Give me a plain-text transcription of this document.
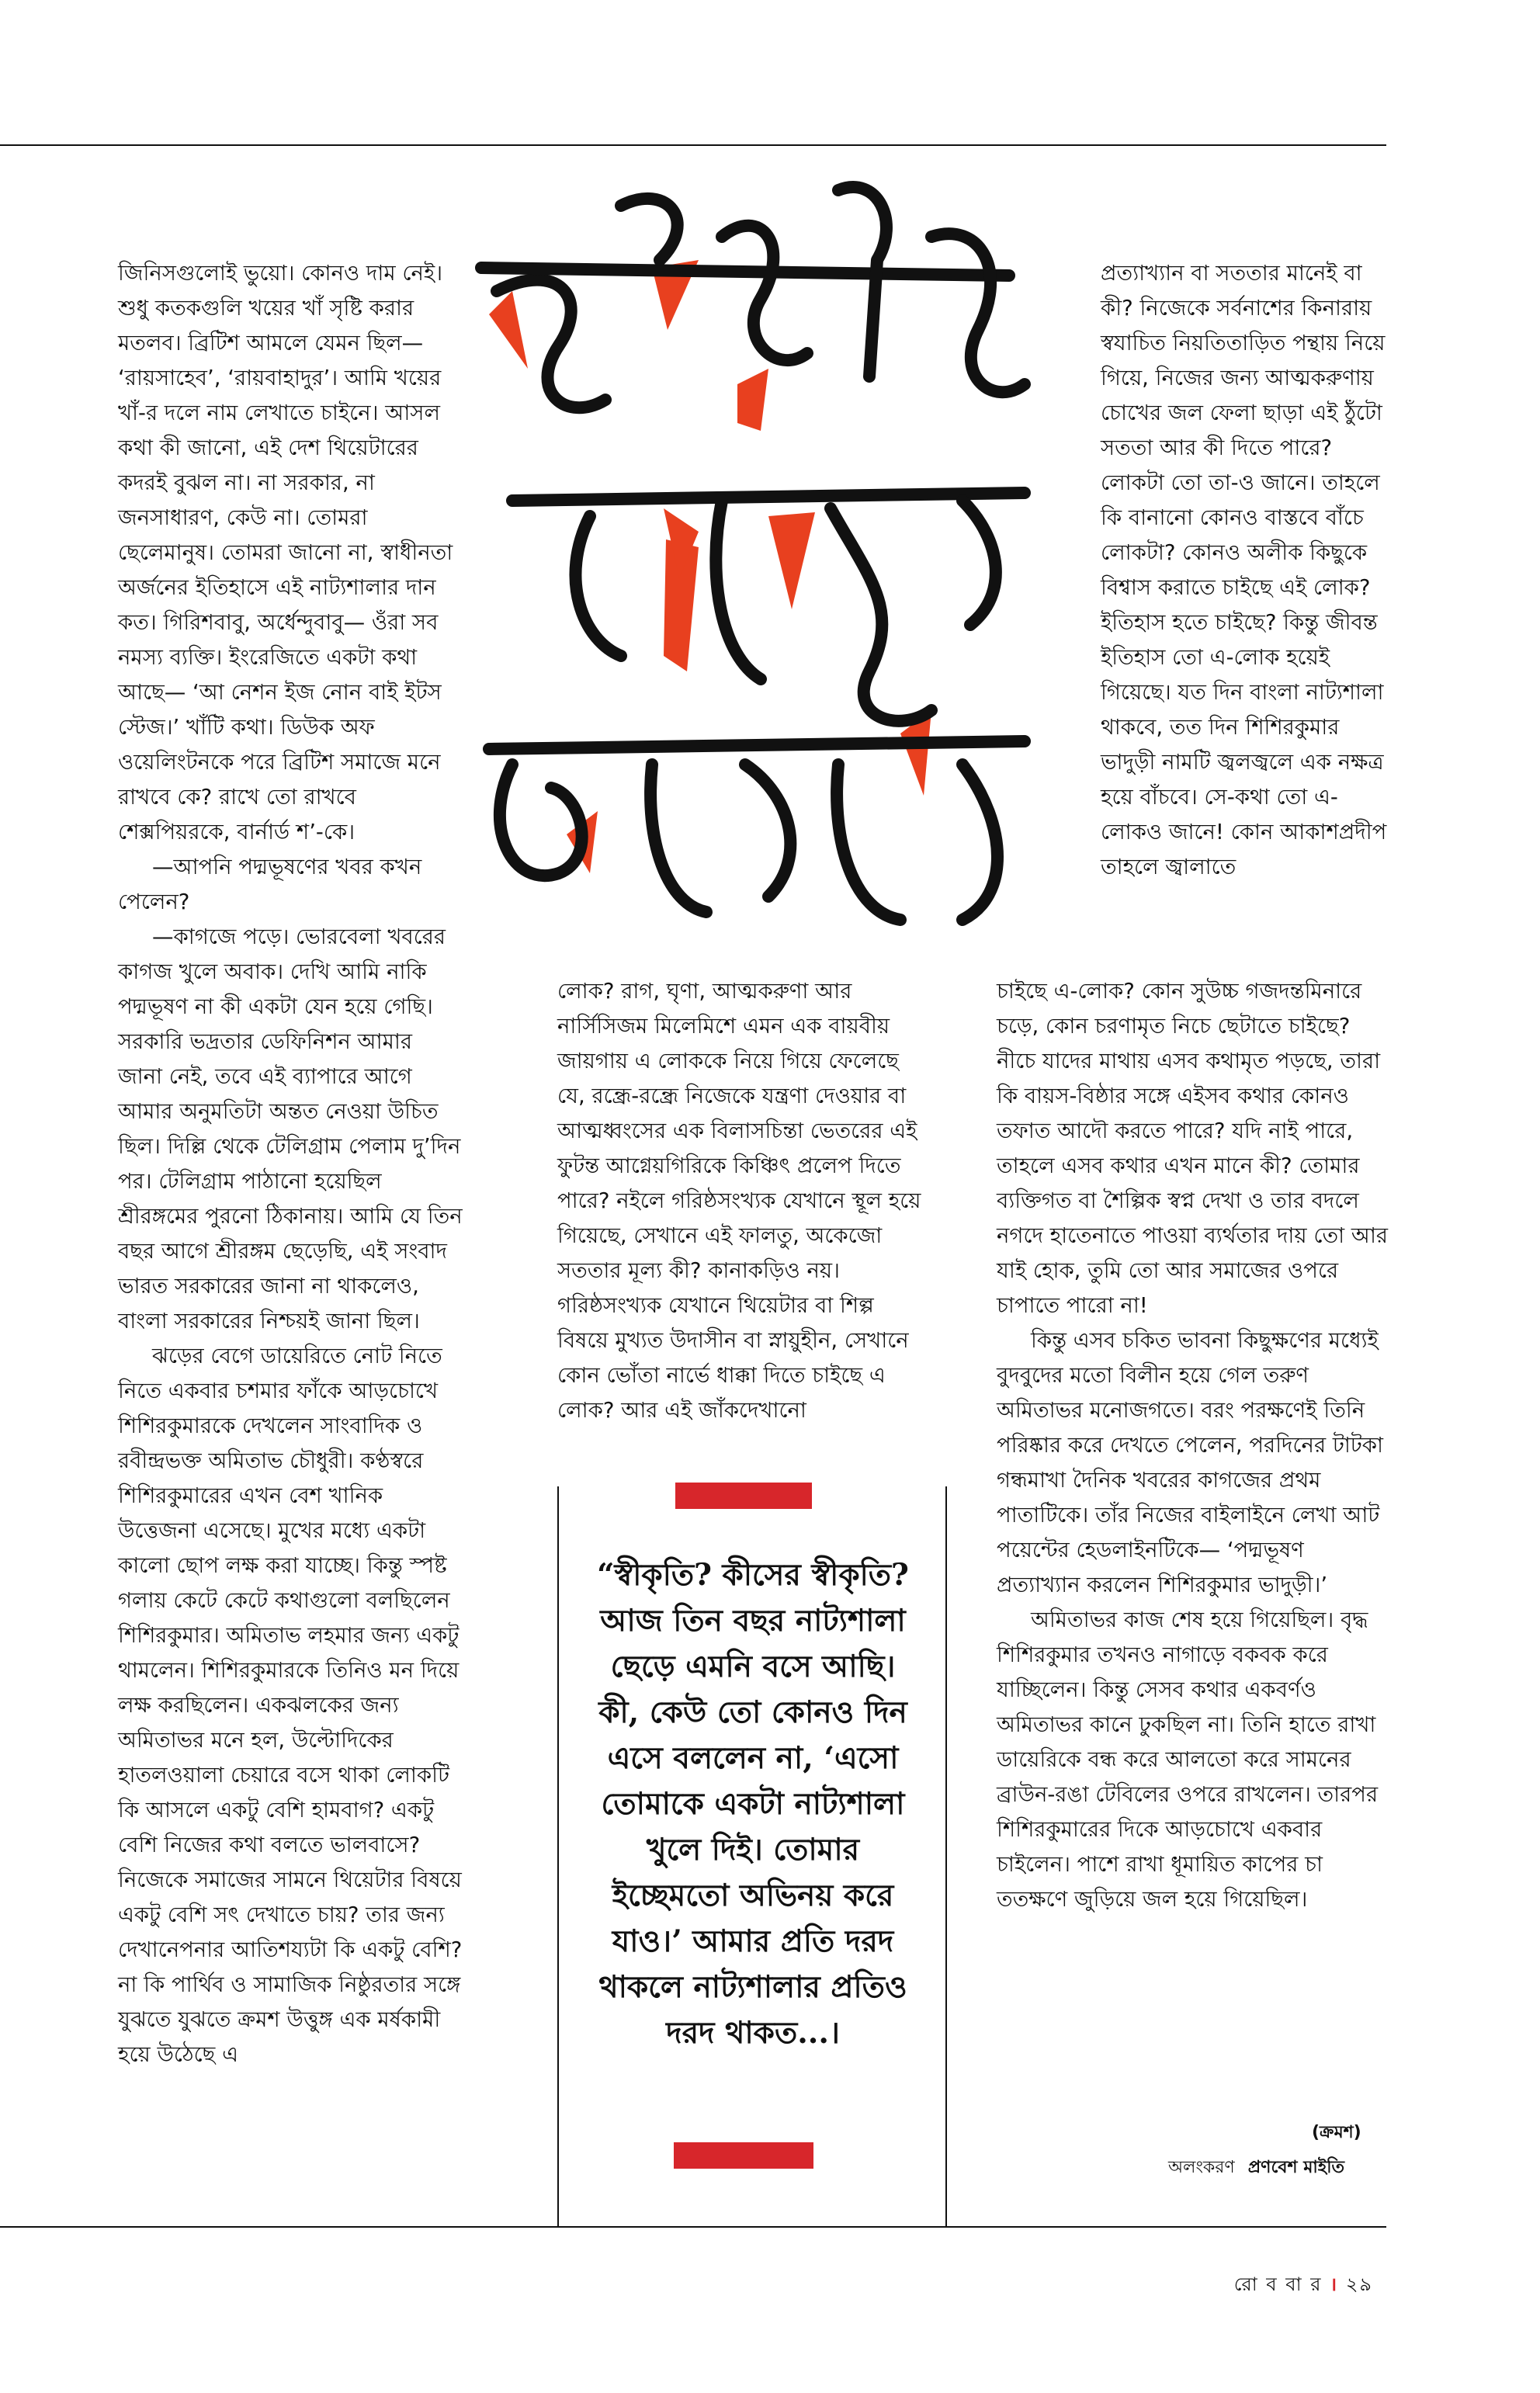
জিনিসগুলোই ভুয়ো। কোনও দাম নেই। শুধু কতকগুলি খয়ের খাঁ সৃষ্টি করার মতলব। ব্রিটিশ আমলে যেমন ছিল— ‘রায়সাহেব’, ‘রায়বাহাদুর’। আমি খয়ের খাঁ-র দলে নাম লেখাতে চাইনে। আসল কথা কী জানো, এই দেশ থিয়েটারের কদরই বুঝল না। না সরকার, না জনসাধারণ, কেউ না। তোমরা ছেলেমানুষ। তোমরা জানো না, স্বাধীনতা অর্জনের ইতিহাসে এই নাট্যশালার দান কত। গিরিশবাবু, অর্ধেন্দুবাবু— ওঁরা সব নমস্য ব্যক্তি। ইংরেজিতে একটা কথা আছে— ‘আ নেশন ইজ নোন বাই ইটস স্টেজ।’ খাঁটি কথা। ডিউক অফ ওয়েলিংটনকে পরে ব্রিটিশ সমাজে মনে রাখবে কে? রাখে তো রাখবে শেক্সপিয়রকে, বার্নার্ড শ’-কে।

—আপনি পদ্মভূষণের খবর কখন পেলেন?

—কাগজে পড়ে। ভোরবেলা খবরের কাগজ খুলে অবাক। দেখি আমি নাকি পদ্মভূষণ না কী একটা যেন হয়ে গেছি। সরকারি ভদ্রতার ডেফিনিশন আমার জানা নেই, তবে এই ব্যাপারে আগে আমার অনুমতিটা অন্তত নেওয়া উচিত ছিল। দিল্লি থেকে টেলিগ্রাম পেলাম দু’দিন পর। টেলিগ্রাম পাঠানো হয়েছিল শ্রীরঙ্গমের পুরনো ঠিকানায়। আমি যে তিন বছর আগে শ্রীরঙ্গম ছেড়েছি, এই সংবাদ ভারত সরকারের জানা না থাকলেও, বাংলা সরকারের নিশ্চয়ই জানা ছিল।

ঝড়ের বেগে ডায়েরিতে নোট নিতে নিতে একবার চশমার ফাঁকে আড়চোখে শিশিরকুমারকে দেখলেন সাংবাদিক ও রবীন্দ্রভক্ত অমিতাভ চৌধুরী। কণ্ঠস্বরে শিশিরকুমারের এখন বেশ খানিক উত্তেজনা এসেছে। মুখের মধ্যে একটা কালো ছোপ লক্ষ করা যাচ্ছে। কিন্তু স্পষ্ট গলায় কেটে কেটে কথাগুলো বলছিলেন শিশিরকুমার। অমিতাভ লহমার জন্য একটু থামলেন। শিশিরকুমারকে তিনিও মন দিয়ে লক্ষ করছিলেন। একঝলকের জন্য অমিতাভর মনে হল, উল্টোদিকের হাতলওয়ালা চেয়ারে বসে থাকা লোকটি কি আসলে একটু বেশি হামবাগ? একটু বেশি নিজের কথা বলতে ভালবাসে? নিজেকে সমাজের সামনে থিয়েটার বিষয়ে একটু বেশি সৎ দেখাতে চায়? তার জন্য দেখানেপনার আতিশয্যটা কি একটু বেশি? না কি পার্থিব ও সামাজিক নিষ্ঠুরতার সঙ্গে যুঝতে যুঝতে ক্রমশ উত্তুঙ্গ এক মর্ষকামী হয়ে উঠেছে এ

সংগীত নাটক আকাদেমি

লোক? রাগ, ঘৃণা, আত্মকরুণা আর নার্সিসিজম মিলেমিশে এমন এক বায়বীয় জায়গায় এ লোককে নিয়ে গিয়ে ফেলেছে যে, রন্ধ্রে-রন্ধ্রে নিজেকে যন্ত্রণা দেওয়ার বা আত্মধ্বংসের এক বিলাসচিন্তা ভেতরের এই ফুটন্ত আগ্নেয়গিরিকে কিঞ্চিৎ প্রলেপ দিতে পারে? নইলে গরিষ্ঠসংখ্যক যেখানে স্থূল হয়ে গিয়েছে, সেখানে এই ফালতু, অকেজো সততার মূল্য কী? কানাকড়িও নয়। গরিষ্ঠসংখ্যক যেখানে থিয়েটার বা শিল্প বিষয়ে মুখ্যত উদাসীন বা স্নায়ুহীন, সেখানে কোন ভোঁতা নার্ভে ধাক্কা দিতে চাইছে এ লোক? আর এই জাঁকদেখানো

“স্বীকৃতি? কীসের স্বীকৃতি? আজ তিন বছর নাট্যশালা ছেড়ে এমনি বসে আছি। কী, কেউ তো কোনও দিন এসে বললেন না, ‘এসো তোমাকে একটা নাট্যশালা খুলে দিই। তোমার ইচ্ছেমতো অভিনয় করে যাও।’ আমার প্রতি দরদ থাকলে নাট্যশালার প্রতিও দরদ থাকত...।

প্রত্যাখ্যান বা সততার মানেই বা কী? নিজেকে সর্বনাশের কিনারায় স্বযাচিত নিয়তিতাড়িত পন্থায় নিয়ে গিয়ে, নিজের জন্য আত্মকরুণায় চোখের জল ফেলা ছাড়া এই ঠুঁটো সততা আর কী দিতে পারে? লোকটা তো তা-ও জানে। তাহলে কি বানানো কোনও বাস্তবে বাঁচে লোকটা? কোনও অলীক কিছুকে বিশ্বাস করাতে চাইছে এই লোক? ইতিহাস হতে চাইছে? কিন্তু জীবন্ত ইতিহাস তো এ-লোক হয়েই গিয়েছে। যত দিন বাংলা নাট্যশালা থাকবে, তত দিন শিশিরকুমার ভাদুড়ী নামটি জ্বলজ্বলে এক নক্ষত্র হয়ে বাঁচবে। সে-কথা তো এ-লোকও জানে! কোন আকাশপ্রদীপ তাহলে জ্বালাতে

চাইছে এ-লোক? কোন সুউচ্চ গজদন্তমিনারে চড়ে, কোন চরণামৃত নিচে ছেটাতে চাইছে? নীচে যাদের মাথায় এসব কথামৃত পড়ছে, তারা কি বায়স-বিষ্ঠার সঙ্গে এইসব কথার কোনও তফাত আদৌ করতে পারে? যদি নাই পারে, তাহলে এসব কথার এখন মানে কী? তোমার ব্যক্তিগত বা শৈল্পিক স্বপ্ন দেখা ও তার বদলে নগদে হাতেনাতে পাওয়া ব্যর্থতার দায় তো আর যাই হোক, তুমি তো আর সমাজের ওপরে চাপাতে পারো না!

কিন্তু এসব চকিত ভাবনা কিছুক্ষণের মধ্যেই বুদবুদের মতো বিলীন হয়ে গেল তরুণ অমিতাভর মনোজগতে। বরং পরক্ষণেই তিনি পরিষ্কার করে দেখতে পেলেন, পরদিনের টাটকা গন্ধমাখা দৈনিক খবরের কাগজের প্রথম পাতাটিকে। তাঁর নিজের বাইলাইনে লেখা আট পয়েন্টের হেডলাইনটিকে— ‘পদ্মভূষণ প্রত্যাখ্যান করলেন শিশিরকুমার ভাদুড়ী।’

অমিতাভর কাজ শেষ হয়ে গিয়েছিল। বৃদ্ধ শিশিরকুমার তখনও নাগাড়ে বকবক করে যাচ্ছিলেন। কিন্তু সেসব কথার একবর্ণও অমিতাভর কানে ঢুকছিল না। তিনি হাতে রাখা ডায়েরিকে বন্ধ করে আলতো করে সামনের ব্রাউন-রঙা টেবিলের ওপরে রাখলেন। তারপর শিশিরকুমারের দিকে আড়চোখে একবার চাইলেন। পাশে রাখা ধূমায়িত কাপের চা ততক্ষণে জুড়িয়ে জল হয়ে গিয়েছিল।

(ক্রমশ)
অলংকরণ প্রণবেশ মাইতি
রো ব বা র । ২৯
